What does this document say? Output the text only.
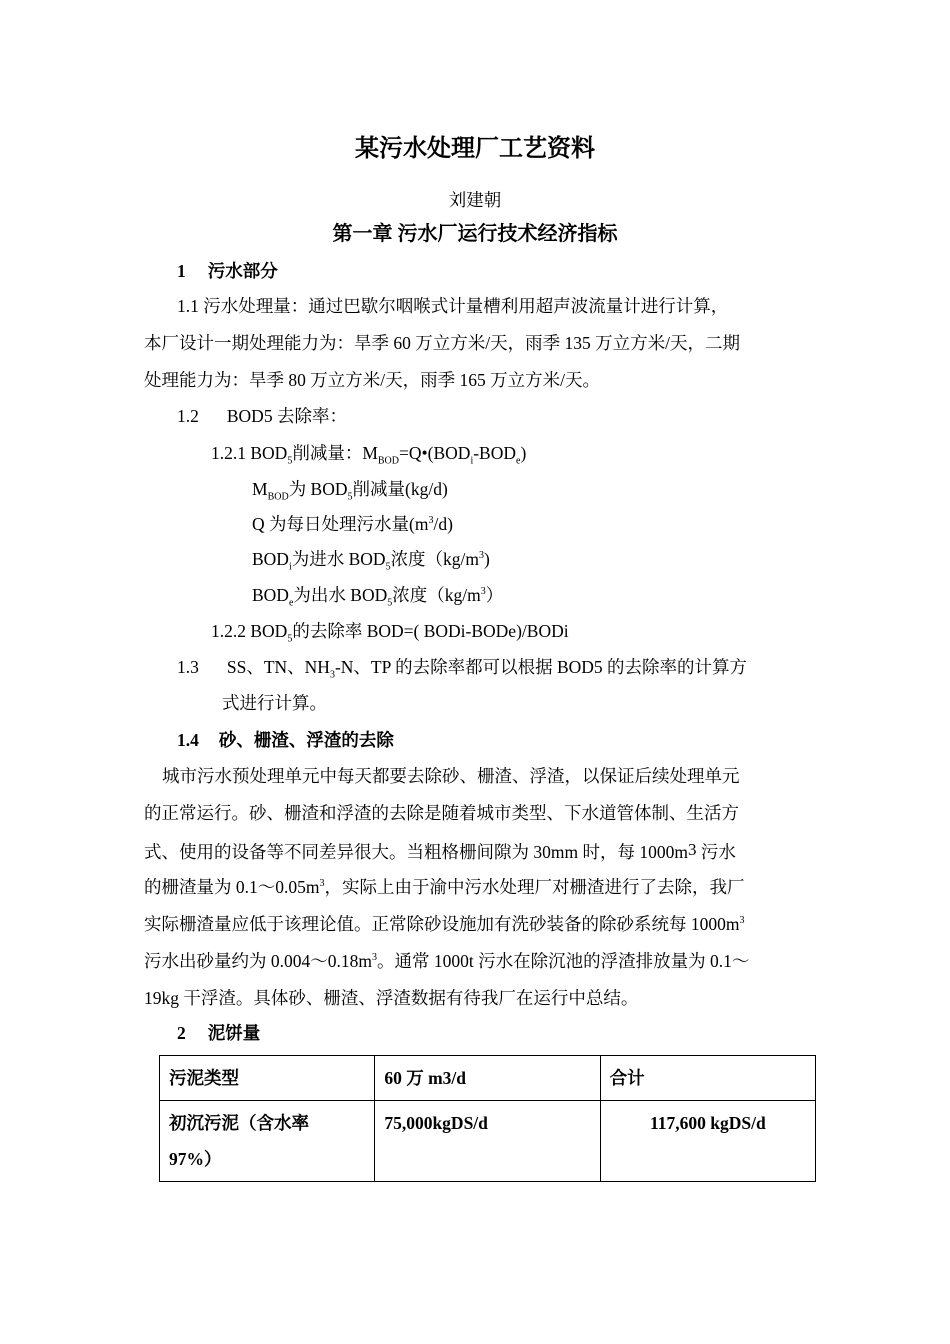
某污水处理厂工艺资料
刘建朝
第一章 污水厂运行技术经济指标
1 污水部分
1.1 污水处理量：通过巴歇尔咽喉式计量槽利用超声波流量计进行计算，
本厂设计一期处理能力为：旱季 60 万立方米/天，雨季 135 万立方米/天，二期
处理能力为：旱季 80 万立方米/天，雨季 165 万立方米/天。
1.2 BOD5 去除率：
1.2.1 $BOD_5$削减量：$M_{BOD}=Q•(BOD_i-BOD_e)$
$M_{BOD}$为 $BOD_5$削减量(kg/d)
Q 为每日处理污水量$(m^3/d)$
$BOD_i$为进水 $BOD_5$浓度$(kg/m^3)$
$BOD_e$为出水 $BOD_5$浓度$(kg/m^3)$
1.2.2 $BOD_5$的去除率 BOD=( BODi-BODe)/BODi
1.3 SS、TN、$NH_3-N$、TP 的去除率都可以根据 BOD5 的去除率的计算方
式进行计算。
1.4 砂、栅渣、浮渣的去除
城市污水预处理单元中每天都要去除砂、栅渣、浮渣，以保证后续处理单元
的正常运行。砂、栅渣和浮渣的去除是随着城市类型、下水道管体制、生活方
式、使用的设备等不同差异很大。当粗格栅间隙为 30mm 时，每 1000m3 污水
的栅渣量为 $0.1\sim 0.05m^3$，实际上由于渝中污水处理厂对栅渣进行了去除，我厂
实际栅渣量应低于该理论值。正常除砂设施加有洗砂装备的除砂系统每 $1000m^3$
污水出砂量约为 $0.004\sim 0.18m^3$。通常 1000t 污水在除沉池的浮渣排放量为 0.1～
19kg 干浮渣。具体砂、栅渣、浮渣数据有待我厂在运行中总结。
2 泥饼量
污泥类型	60 万 m3/d	合计

初沉污泥（含水率
97%）	75,000kgDS/d	117,600 kgDS/d
